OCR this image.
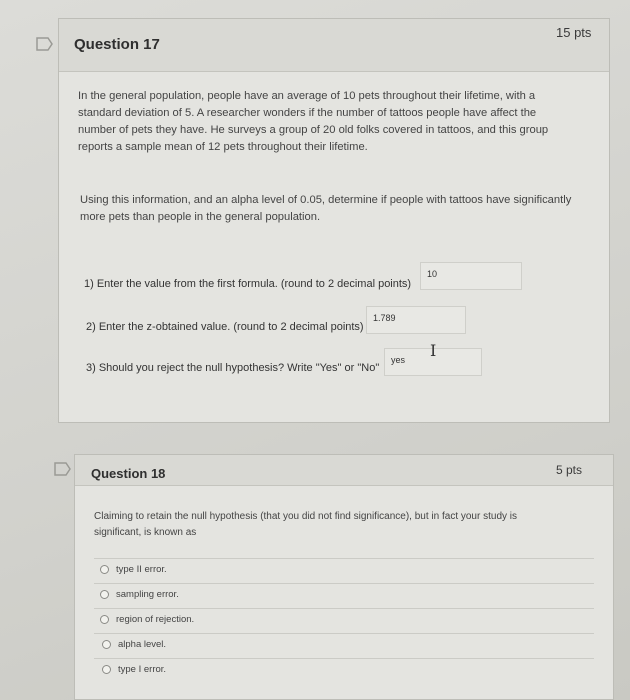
Question 17
15 pts
In the general population, people have an average of 10 pets throughout their lifetime, with a
standard deviation of 5. A researcher wonders if the number of tattoos people have affect the
number of pets they have. He surveys a group of 20 old folks covered in tattoos, and this group
reports a sample mean of 12 pets throughout their lifetime.
Using this information, and an alpha level of 0.05, determine if people with tattoos have significantly
more pets than people in the general population.
1) Enter the value from the first formula. (round to 2 decimal points)
10
2) Enter the z-obtained value. (round to 2 decimal points)
1.789
3) Should you reject the null hypothesis? Write "Yes" or "No"
yes	I
Question 18	5 pts
Claiming to retain the null hypothesis (that you did not find significance), but in fact your study is
significant, is known as
type II error.
sampling error.
region of rejection.
alpha level.
type I error.
